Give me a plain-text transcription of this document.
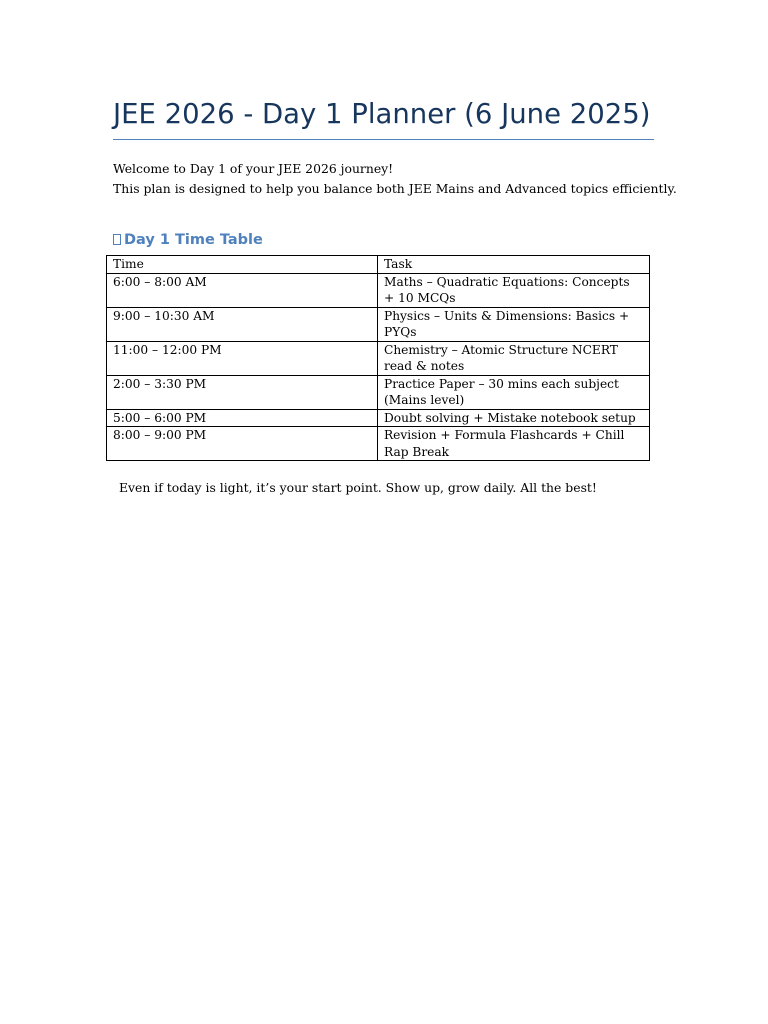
JEE 2026 - Day 1 Planner (6 June 2025)

Welcome to Day 1 of your JEE 2026 journey!

This plan is designed to help you balance both JEE Mains and Advanced topics efficiently.

Day 1 Time Table
Time	Task
6:00 – 8:00 AM	Maths – Quadratic Equations: Concepts + 10 MCQs
9:00 – 10:30 AM	Physics – Units & Dimensions: Basics + PYQs
11:00 – 12:00 PM	Chemistry – Atomic Structure NCERT read & notes
2:00 – 3:30 PM	Practice Paper – 30 mins each subject (Mains level)
5:00 – 6:00 PM	Doubt solving + Mistake notebook setup
8:00 – 9:00 PM	Revision + Formula Flashcards + Chill Rap Break

Even if today is light, it’s your start point. Show up, grow daily. All the best!
